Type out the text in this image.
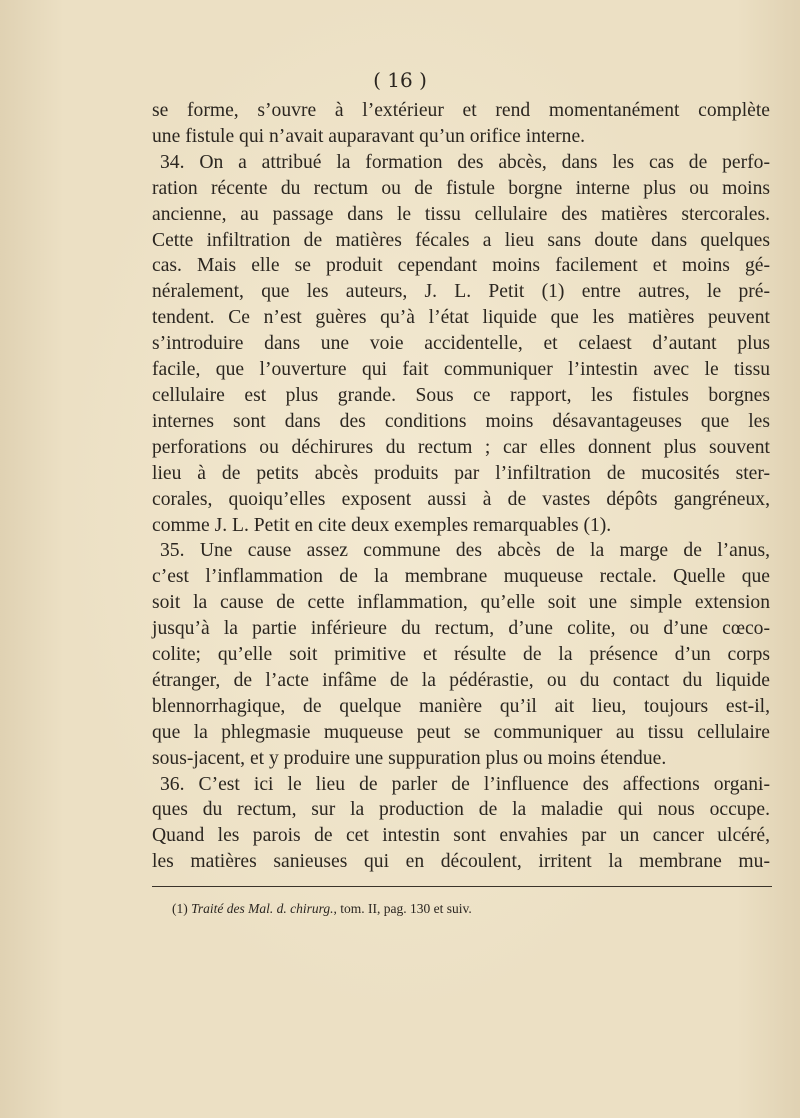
( 16 )
se forme, s’ouvre à l’extérieur et rend momentanément complète
une fistule qui n’avait auparavant qu’un orifice interne.
34. On a attribué la formation des abcès, dans les cas de perfo-
ration récente du rectum ou de fistule borgne interne plus ou moins
ancienne, au passage dans le tissu cellulaire des matières stercorales.
Cette infiltration de matières fécales a lieu sans doute dans quelques
cas. Mais elle se produit cependant moins facilement et moins gé-
néralement, que les auteurs, J. L. Petit (1) entre autres, le pré-
tendent. Ce n’est guères qu’à l’état liquide que les matières peuvent
s’introduire dans une voie accidentelle, et celaest d’autant plus
facile, que l’ouverture qui fait communiquer l’intestin avec le tissu
cellulaire est plus grande. Sous ce rapport, les fistules borgnes
internes sont dans des conditions moins désavantageuses que les
perforations ou déchirures du rectum ; car elles donnent plus souvent
lieu à de petits abcès produits par l’infiltration de mucosités ster-
corales, quoiqu’elles exposent aussi à de vastes dépôts gangréneux,
comme J. L. Petit en cite deux exemples remarquables (1).
35. Une cause assez commune des abcès de la marge de l’anus,
c’est l’inflammation de la membrane muqueuse rectale. Quelle que
soit la cause de cette inflammation, qu’elle soit une simple extension
jusqu’à la partie inférieure du rectum, d’une colite, ou d’une cœco-
colite; qu’elle soit primitive et résulte de la présence d’un corps
étranger, de l’acte infâme de la pédérastie, ou du contact du liquide
blennorrhagique, de quelque manière qu’il ait lieu, toujours est-il,
que la phlegmasie muqueuse peut se communiquer au tissu cellulaire
sous-jacent, et y produire une suppuration plus ou moins étendue.
36. C’est ici le lieu de parler de l’influence des affections organi-
ques du rectum, sur la production de la maladie qui nous occupe.
Quand les parois de cet intestin sont envahies par un cancer ulcéré,
les matières sanieuses qui en découlent, irritent la membrane mu-
(1) Traité des Mal. d. chirurg., tom. II, pag. 130 et suiv.
